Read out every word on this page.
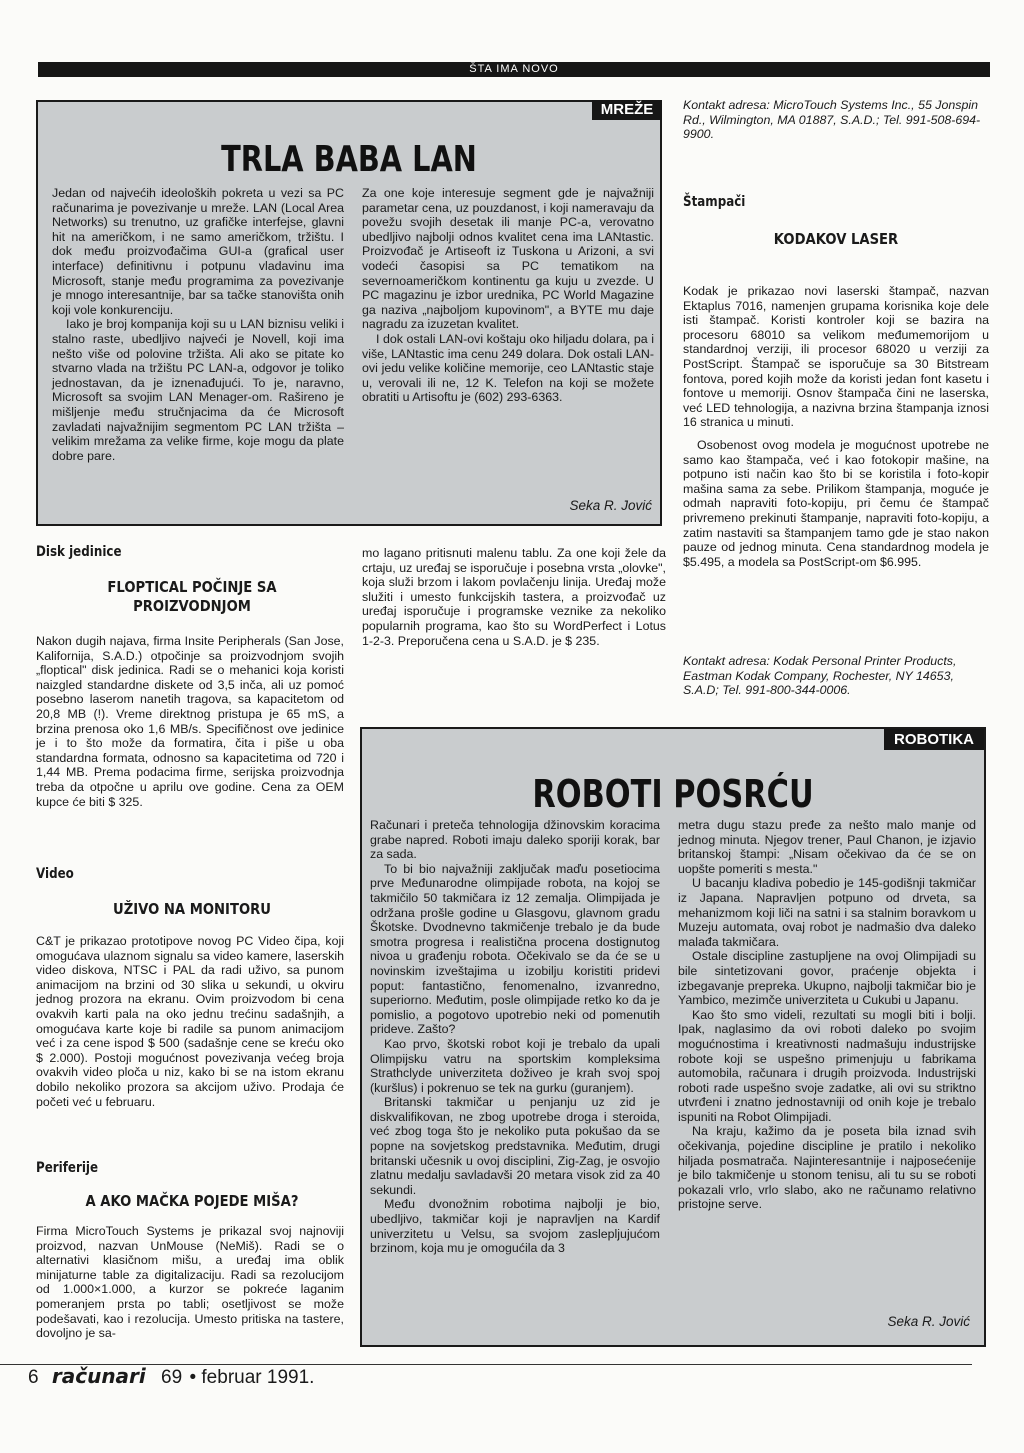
ŠTA IMA NOVO
MREŽE
TRLA BABA LAN

Jedan od najvećih ideoloških pokreta u vezi sa PC računarima je povezivanje u mreže. LAN (Local Area Networks) su trenutno, uz grafičke interfejse, glavni hit na američkom, i ne samo američkom, tržištu. I dok među proizvođačima GUI-a (grafical user interface) definitivnu i potpunu vladavinu ima Microsoft, stanje među programima za povezivanje je mnogo interesantnije, bar sa tačke stanovišta onih koji vole konkurenciju.

Iako je broj kompanija koji su u LAN biznisu veliki i stalno raste, ubedljivo najveći je Novell, koji ima nešto više od polovine tržišta. Ali ako se pitate ko stvarno vlada na tržištu PC LAN-a, odgovor je toliko jednostavan, da je iznenađujući. To je, naravno, Microsoft sa svojim LAN Menager-om. Rašireno je mišljenje među stručnjacima da će Microsoft zavladati najvažnijim segmentom PC LAN tržišta – velikim mrežama za velike firme, koje mogu da plate dobre pare.

Za one koje interesuje segment gde je najvažniji parametar cena, uz pouzdanost, i koji nameravaju da povežu svojih desetak ili manje PC-a, verovatno ubedljivo najbolji odnos kvalitet cena ima LANtastic. Proizvođač je Artiseoft iz Tuskona u Arizoni, a svi vodeći časopisi sa PC tematikom na severnoameričkom kontinentu ga kuju u zvezde. U PC magazinu je izbor urednika, PC World Magazine ga naziva „najboljom kupovinom", a BYTE mu daje nagradu za izuzetan kvalitet.

I dok ostali LAN-ovi koštaju oko hiljadu dolara, pa i više, LANtastic ima cenu 249 dolara. Dok ostali LAN-ovi jedu velike količine memorije, ceo LANtastic staje u, verovali ili ne, 12 K. Telefon na koji se možete obratiti u Artisoftu je (602) 293-6363.

Seka R. Jović
Kontakt adresa: MicroTouch Systems Inc., 55 Jonspin Rd., Wilmington, MA 01887, S.A.D.; Tel. 991-508-694-9900.
Štampači
KODAKOV LASER

Kodak je prikazao novi laserski štampač, nazvan Ektaplus 7016, namenjen grupama korisnika koje dele isti štampač. Koristi kontroler koji se bazira na procesoru 68010 sa velikom međumemorijom u standardnoj verziji, ili procesor 68020 u verziji za PostScript. Štampač se isporučuje sa 30 Bitstream fontova, pored kojih može da koristi jedan font kasetu i fontove u memoriji. Osnov štampača čini ne laserska, već LED tehnologija, a nazivna brzina štampanja iznosi 16 stranica u minuti.

Osobenost ovog modela je mogućnost upotrebe ne samo kao štampača, već i kao fotokopir mašine, na potpuno isti način kao što bi se koristila i foto-kopir mašina sama za sebe. Prilikom štampanja, moguće je odmah napraviti foto-kopiju, pri čemu će štampač privremeno prekinuti štampanje, napraviti foto-kopiju, a zatim nastaviti sa štampanjem tamo gde je stao nakon pauze od jednog minuta. Cena standardnog modela je $5.495, a modela sa PostScript-om $6.995.

Kontakt adresa: Kodak Personal Printer Products, Eastman Kodak Company, Rochester, NY 14653, S.A.D; Tel. 991-800-344-0006.
Disk jedinice
FLOPTICAL POČINJE SA PROIZVODNJOM

Nakon dugih najava, firma Insite Peripherals (San Jose, Kalifornija, S.A.D.) otpočinje sa proizvodnjom svojih „floptical" disk jedinica. Radi se o mehanici koja koristi naizgled standardne diskete od 3,5 inča, ali uz pomoć posebno laserom nanetih tragova, sa kapacitetom od 20,8 MB (!). Vreme direktnog pristupa je 65 mS, a brzina prenosa oko 1,6 MB/s. Specifičnost ove jedinice je i to što može da formatira, čita i piše u oba standardna formata, odnosno sa kapacitetima od 720 i 1,44 MB. Prema podacima firme, serijska proizvodnja treba da otpočne u aprilu ove godine. Cena za OEM kupce će biti $ 325.

Video
UŽIVO NA MONITORU

C&T je prikazao prototipove novog PC Video čipa, koji omogućava ulaznom signalu sa video kamere, laserskih video diskova, NTSC i PAL da radi uživo, sa punom animacijom na brzini od 30 slika u sekundi, u okviru jednog prozora na ekranu. Ovim proizvodom bi cena ovakvih karti pala na oko jednu trećinu sadašnjih, a omogućava karte koje bi radile sa punom animacijom već i za cene ispod $ 500 (sadašnje cene se kreću oko $ 2.000). Postoji mogućnost povezivanja većeg broja ovakvih video ploča u niz, kako bi se na istom ekranu dobilo nekoliko prozora sa akcijom uživo. Prodaja će početi već u februaru.

Periferije
A AKO MAČKA POJEDE MIŠA?

Firma MicroTouch Systems je prikazal svoj najnoviji proizvod, nazvan UnMouse (NeMiš). Radi se o alternativi klasičnom mišu, a uređaj ima oblik minijaturne table za digitalizaciju. Radi sa rezolucijom od 1.000×1.000, a kurzor se pokreće laganim pomeranjem prsta po tabli; osetljivost se može podešavati, kao i rezolucija. Umesto pritiska na tastere, dovoljno je sa-

mo lagano pritisnuti malenu tablu. Za one koji žele da crtaju, uz uređaj se isporučuje i posebna vrsta „olovke", koja služi brzom i lakom povlačenju linija. Uređaj može služiti i umesto funkcijskih tastera, a proizvođač uz uređaj isporučuje i programske veznike za nekoliko popularnih programa, kao što su WordPerfect i Lotus 1-2-3. Preporučena cena u S.A.D. je $ 235.

ROBOTIKA
ROBOTI POSRĆU

Računari i preteča tehnologija džinovskim koracima grabe napred. Roboti imaju daleko sporiji korak, bar za sada.

To bi bio najvažniji zaključak maďu posetiocima prve Međunarodne olimpijade robota, na kojoj se takmičilo 50 takmičara iz 12 zemalja. Olimpijada je održana prošle godine u Glasgovu, glavnom gradu Škotske. Dvodnevno takmičenje trebalo je da bude smotra progresa i realistična procena dostignutog nivoa u građenju robota. Očekivalo se da će se u novinskim izveštajima u izobilju koristiti pridevi poput: fantastično, fenomenalno, izvanredno, superiorno. Međutim, posle olimpijade retko ko da je pomislio, a pogotovo upotrebio neki od pomenutih prideve. Zašto?

Kao prvo, škotski robot koji je trebalo da upali Olimpijsku vatru na sportskim kompleksima Strathclyde univerziteta doživeo je krah svoj spoj (kuršlus) i pokrenuo se tek na gurku (guranjem).

Britanski takmičar u penjanju uz zid je diskvalifikovan, ne zbog upotrebe droga i steroida, već zbog toga što je nekoliko puta pokušao da se popne na sovjetskog predstavnika. Međutim, drugi britanski učesnik u ovoj disciplini, Zig-Zag, je osvojio zlatnu medalju savladavši 20 metara visok zid za 40 sekundi.

Među dvonožnim robotima najbolji je bio, ubedljivo, takmičar koji je napravljen na Kardif univerzitetu u Velsu, sa svojom zaslepljujućom brzinom, koja mu je omogućila da 3

metra dugu stazu pređe za nešto malo manje od jednog minuta. Njegov trener, Paul Chanon, je izjavio britanskoj štampi: „Nisam očekivao da će se on uopšte pomeriti s mesta."

U bacanju kladiva pobedio je 145-godišnji takmičar iz Japana. Napravljen potpuno od drveta, sa mehanizmom koji liči na satni i sa stalnim boravkom u Muzeju automata, ovaj robot je nadmašio dva daleko malađa takmičara.

Ostale discipline zastupljene na ovoj Olimpijadi su bile sintetizovani govor, praćenje objekta i izbegavanje prepreka. Ukupno, najbolji takmičar bio je Yambico, mezimče univerziteta u Cukubi u Japanu.

Kao što smo videli, rezultati su mogli biti i bolji. Ipak, naglasimo da ovi roboti daleko po svojim mogućnostima i kreativnosti nadmašuju industrijske robote koji se uspešno primenjuju u fabrikama automobila, računara i drugih proizvoda. Industrijski roboti rade uspešno svoje zadatke, ali ovi su striktno utvrđeni i znatno jednostavniji od onih koje je trebalo ispuniti na Robot Olimpijadi.

Na kraju, kažimo da je poseta bila iznad svih očekivanja, pojedine discipline je pratilo i nekoliko hiljada posmatrača. Najinteresantnije i najposećenije je bilo takmičenje u stonom tenisu, ali tu su se roboti pokazali vrlo, vrlo slabo, ako ne računamo relativno pristojne serve.

Seka R. Jović
6 računari 69 • februar 1991.
